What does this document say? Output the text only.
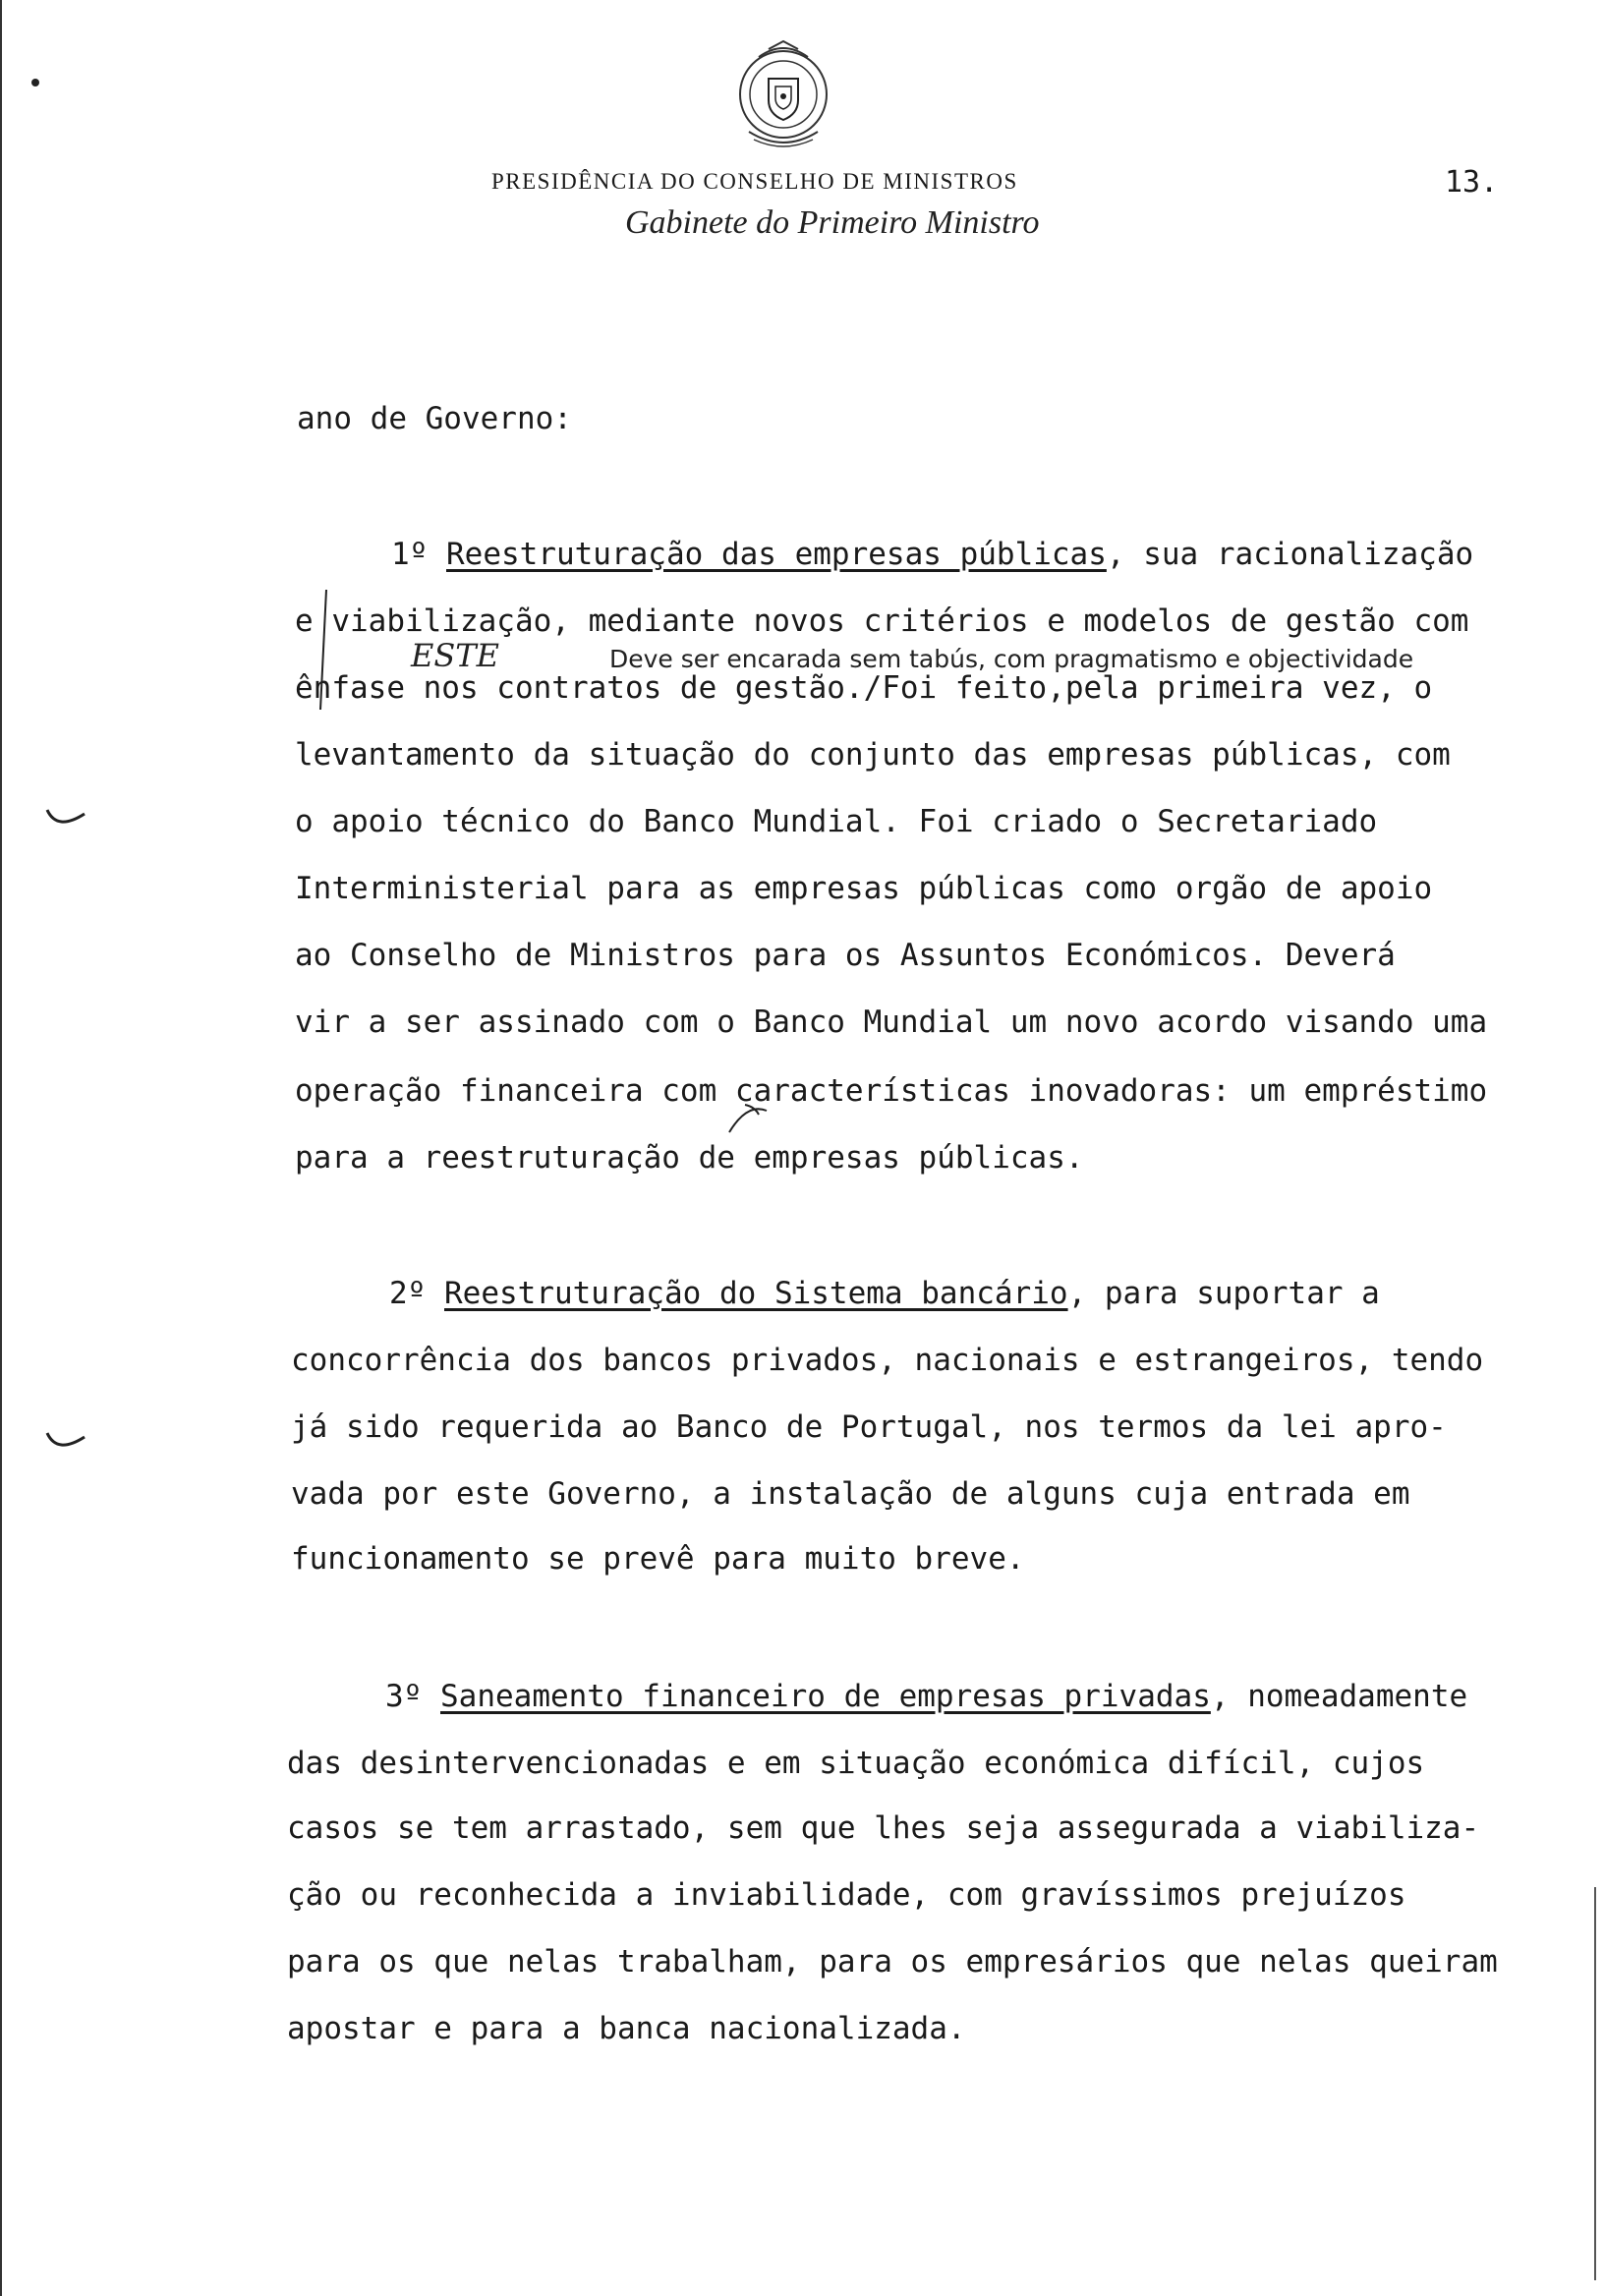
PRESIDÊNCIA DO CONSELHO DE MINISTROS
Gabinete do Primeiro Ministro
13.
ano de Governo:
1º Reestruturação das empresas públicas, sua racionalização
e viabilização, mediante novos critérios e modelos de gestão com
ênfase nos contratos de gestão./Foi feito,pela primeira vez, o
levantamento da situação do conjunto das empresas públicas, com
o apoio técnico do Banco Mundial. Foi criado o Secretariado
Interministerial para as empresas públicas como orgão de apoio
ao Conselho de Ministros para os Assuntos Económicos. Deverá
vir a ser assinado com o Banco Mundial um novo acordo visando uma
operação financeira com características inovadoras: um empréstimo
para a reestruturação de empresas públicas.
ESTE	Deve ser encarada sem tabús, com pragmatismo e objectividade
2º Reestruturação do Sistema bancário, para suportar a
concorrência dos bancos privados, nacionais e estrangeiros, tendo
já sido requerida ao Banco de Portugal, nos termos da lei apro-
vada por este Governo, a instalação de alguns cuja entrada em
funcionamento se prevê para muito breve.
3º Saneamento financeiro de empresas privadas, nomeadamente
das desintervencionadas e em situação económica difícil, cujos
casos se tem arrastado, sem que lhes seja assegurada a viabiliza-
ção ou reconhecida a inviabilidade, com gravíssimos prejuízos
para os que nelas trabalham, para os empresários que nelas queiram
apostar e para a banca nacionalizada.
